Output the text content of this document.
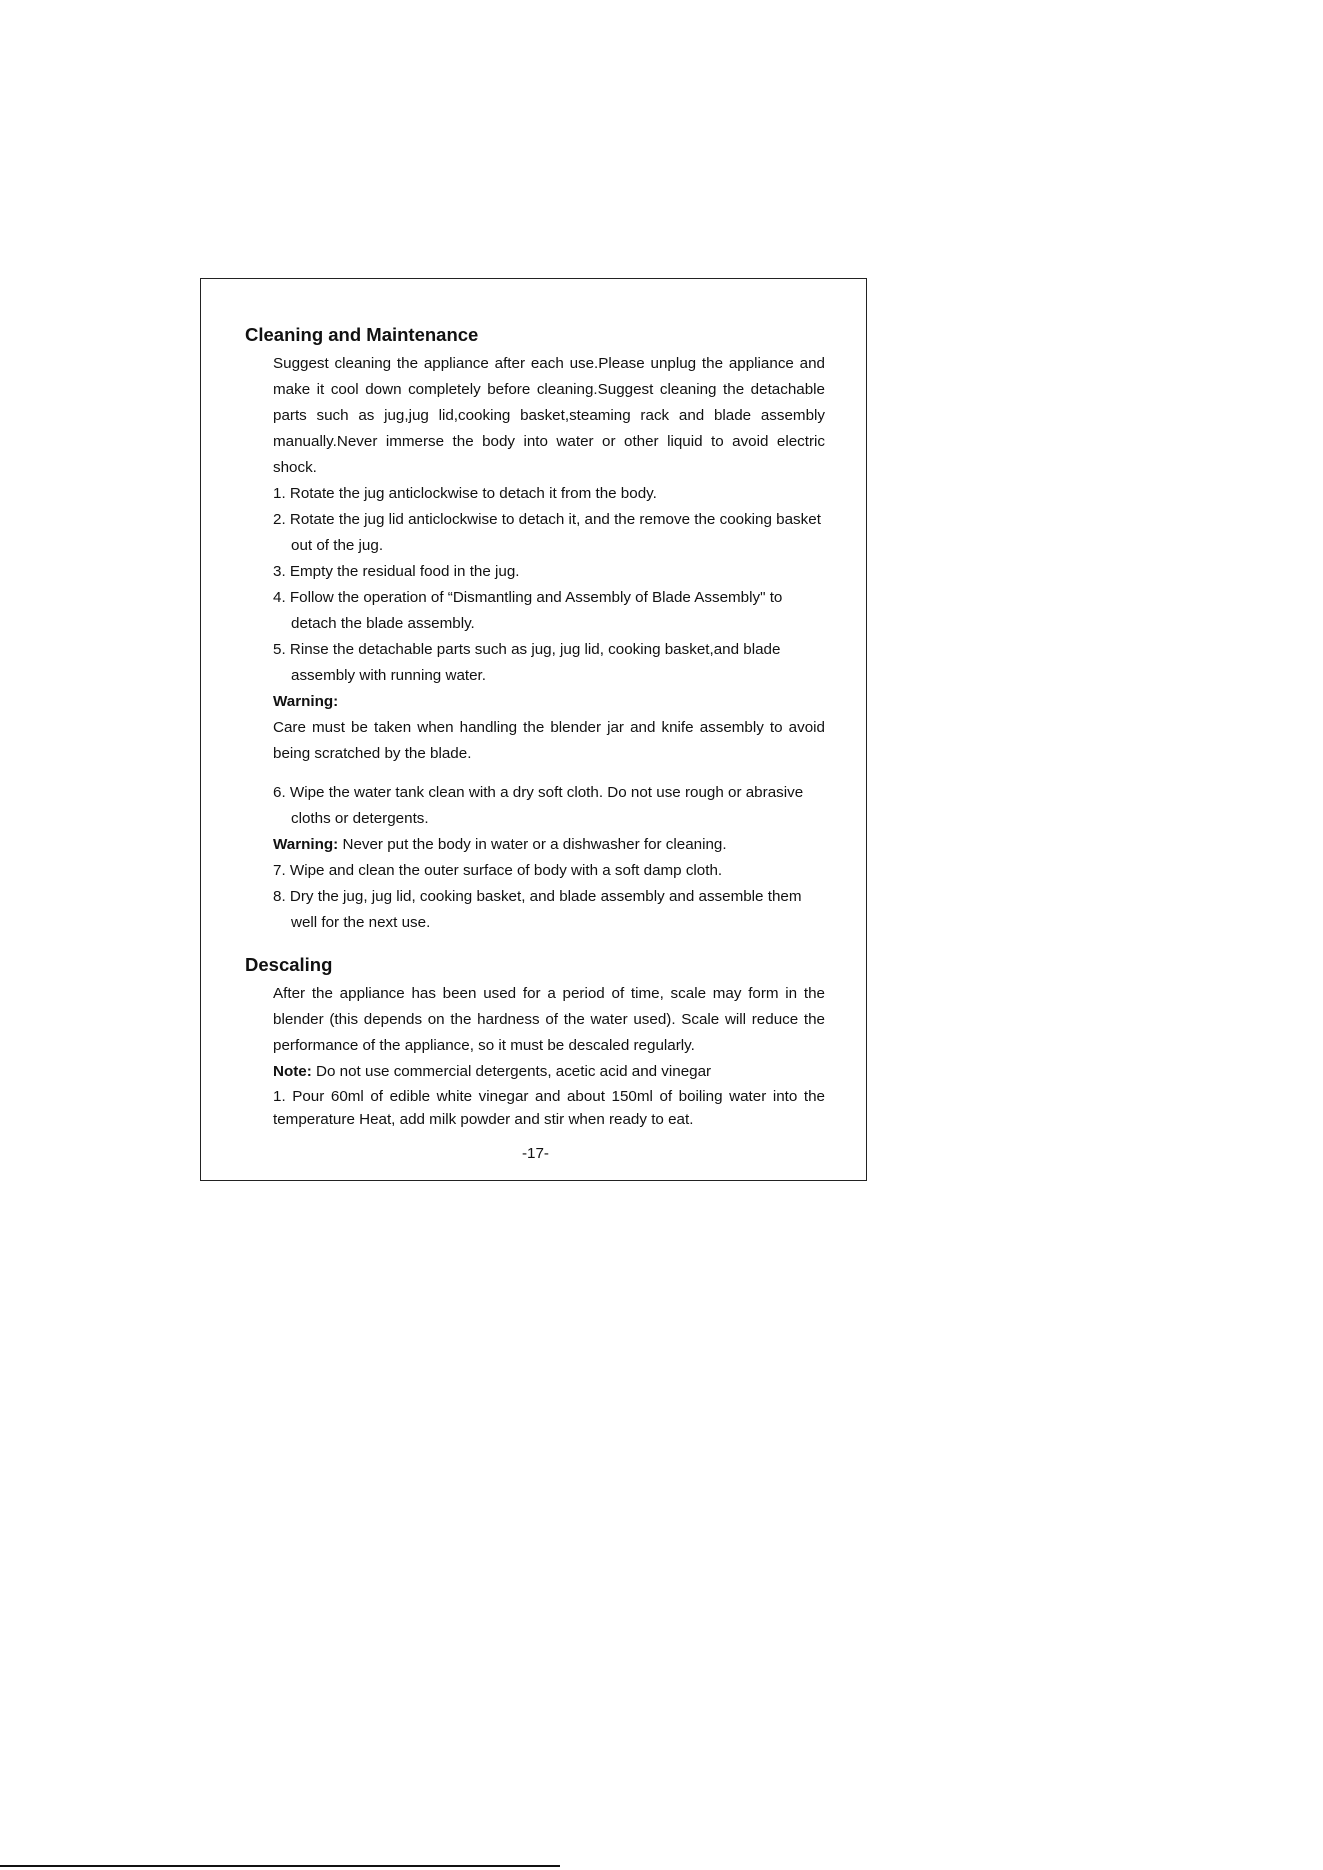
Cleaning and Maintenance

Suggest cleaning the appliance after each use.Please unplug the appliance and make it cool down completely before cleaning.Suggest cleaning the detachable parts such as jug,jug lid,cooking basket,steaming rack and blade assembly manually.Never immerse the body into water or other liquid to avoid electric shock.

1. Rotate the jug anticlockwise to detach it from the body.
2. Rotate the jug lid anticlockwise to detach it, and the remove the cooking basket out of the jug.
3. Empty the residual food in the jug.
4. Follow the operation of “Dismantling and Assembly of Blade Assembly" to detach the blade assembly.
5. Rinse the detachable parts such as jug, jug lid, cooking basket,and blade assembly with running water.
Warning:

Care must be taken when handling the blender jar and knife assembly to avoid being scratched by the blade.

6. Wipe the water tank clean with a dry soft cloth. Do not use rough or abrasive cloths or detergents.
Warning: Never put the body in water or a dishwasher for cleaning.
7. Wipe and clean the outer surface of body with a soft damp cloth.
8. Dry the jug, jug lid, cooking basket, and blade assembly and assemble them well for the next use.
Descaling

After the appliance has been used for a period of time, scale may form in the blender (this depends on the hardness of the water used). Scale will reduce the performance of the appliance, so it must be descaled regularly.

Note: Do not use commercial detergents, acetic acid and vinegar

1. Pour 60ml of edible white vinegar and about 150ml of boiling water into the temperature Heat, add milk powder and stir when ready to eat.

-17-
